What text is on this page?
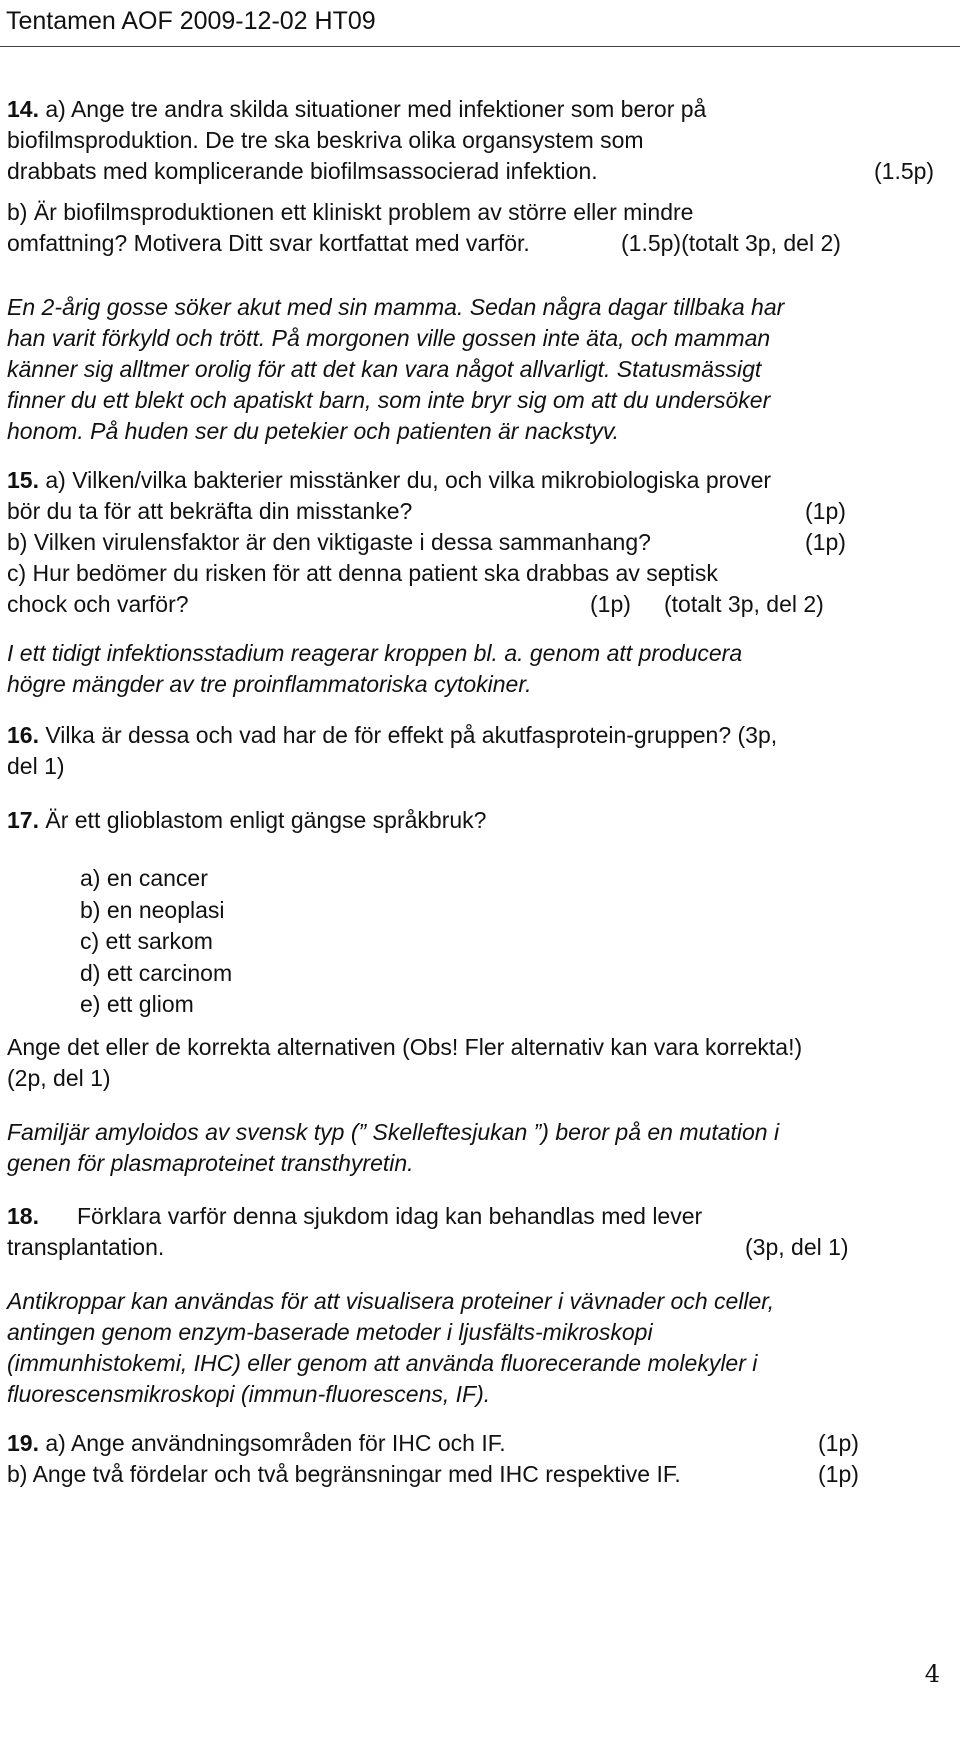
Tentamen AOF 2009-12-02 HT09
14. a) Ange tre andra skilda situationer med infektioner som beror på
biofilmsproduktion. De tre ska beskriva olika organsystem som
drabbats med komplicerande biofilmsassocierad infektion.	(1.5p)
b) Är biofilmsproduktionen ett kliniskt problem av större eller mindre
omfattning? Motivera Ditt svar kortfattat med varför.	(1.5p)(totalt 3p, del 2)
En 2-årig gosse söker akut med sin mamma. Sedan några dagar tillbaka har
han varit förkyld och trött. På morgonen ville gossen inte äta, och mamman
känner sig alltmer orolig för att det kan vara något allvarligt. Statusmässigt
finner du ett blekt och apatiskt barn, som inte bryr sig om att du undersöker
honom. På huden ser du petekier och patienten är nackstyv.
15. a) Vilken/vilka bakterier misstänker du, och vilka mikrobiologiska prover
bör du ta för att bekräfta din misstanke?	(1p)
b) Vilken virulensfaktor är den viktigaste i dessa sammanhang?	(1p)
c) Hur bedömer du risken för att denna patient ska drabbas av septisk
chock och varför?	(1p) (totalt 3p, del 2)
I ett tidigt infektionsstadium reagerar kroppen bl. a. genom att producera
högre mängder av tre proinflammatoriska cytokiner.
16. Vilka är dessa och vad har de för effekt på akutfasprotein-gruppen? (3p,
del 1)
17. Är ett glioblastom enligt gängse språkbruk?
a) en cancer
b) en neoplasi
c) ett sarkom
d) ett carcinom
e) ett gliom
Ange det eller de korrekta alternativen (Obs! Fler alternativ kan vara korrekta!)
(2p, del 1)
Familjär amyloidos av svensk typ (” Skelleftesjukan ”) beror på en mutation i
genen för plasmaproteinet transthyretin.
18. Förklara varför denna sjukdom idag kan behandlas med lever
transplantation.	(3p, del 1)
Antikroppar kan användas för att visualisera proteiner i vävnader och celler,
antingen genom enzym-baserade metoder i ljusfälts-mikroskopi
(immunhistokemi, IHC) eller genom att använda fluorecerande molekyler i
fluorescensmikroskopi (immun-fluorescens, IF).
19. a) Ange användningsområden för IHC och IF.	(1p)
b) Ange två fördelar och två begränsningar med IHC respektive IF.	(1p)
4
